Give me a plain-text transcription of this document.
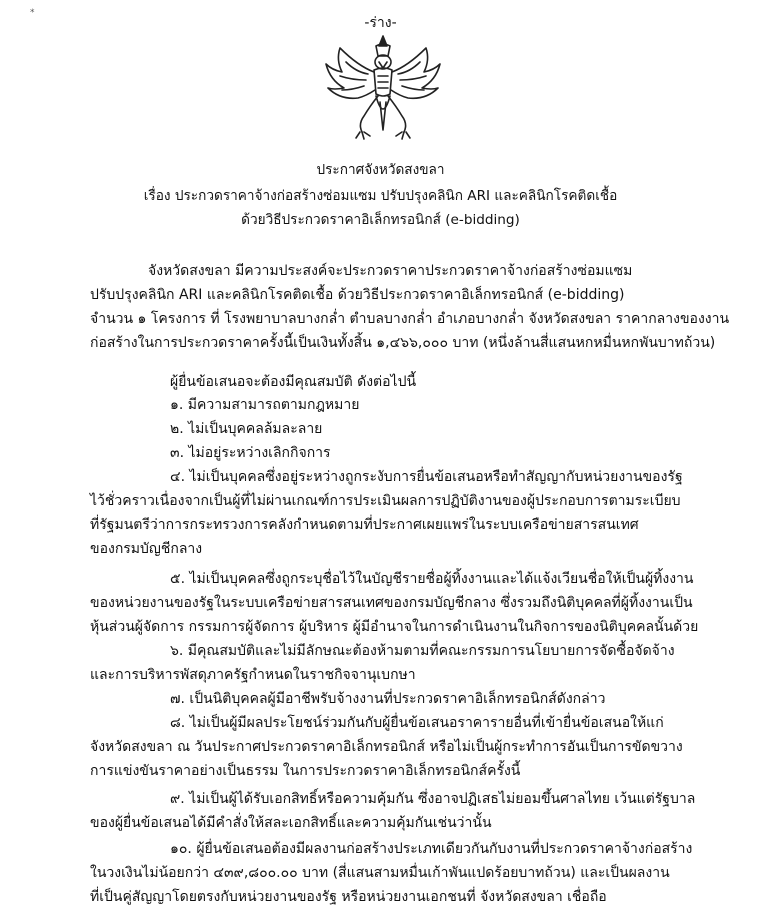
*
-ร่าง-
ประกาศจังหวัดสงขลา
เรื่อง ประกวดราคาจ้างก่อสร้างซ่อมแซม ปรับปรุงคลินิก ARI และคลินิกโรคติดเชื้อ
ด้วยวิธีประกวดราคาอิเล็กทรอนิกส์ (e-bidding)
จังหวัดสงขลา มีความประสงค์จะประกวดราคาประกวดราคาจ้างก่อสร้างซ่อมแซม
ปรับปรุงคลินิก ARI และคลินิกโรคติดเชื้อ ด้วยวิธีประกวดราคาอิเล็กทรอนิกส์ (e-bidding)
จำนวน ๑ โครงการ ที่ โรงพยาบาลบางกล่ำ ตำบลบางกล่ำ อำเภอบางกล่ำ จังหวัดสงขลา ราคากลางของงาน
ก่อสร้างในการประกวดราคาครั้งนี้เป็นเงินทั้งสิ้น ๑,๔๖๖,๐๐๐ บาท (หนึ่งล้านสี่แสนหกหมื่นหกพันบาทถ้วน)
ผู้ยื่นข้อเสนอจะต้องมีคุณสมบัติ ดังต่อไปนี้
๑. มีความสามารถตามกฎหมาย
๒. ไม่เป็นบุคคลล้มละลาย
๓. ไม่อยู่ระหว่างเลิกกิจการ
๔. ไม่เป็นบุคคลซึ่งอยู่ระหว่างถูกระงับการยื่นข้อเสนอหรือทำสัญญากับหน่วยงานของรัฐ
ไว้ชั่วคราวเนื่องจากเป็นผู้ที่ไม่ผ่านเกณฑ์การประเมินผลการปฏิบัติงานของผู้ประกอบการตามระเบียบ
ที่รัฐมนตรีว่าการกระทรวงการคลังกำหนดตามที่ประกาศเผยแพร่ในระบบเครือข่ายสารสนเทศ
ของกรมบัญชีกลาง
๕. ไม่เป็นบุคคลซึ่งถูกระบุชื่อไว้ในบัญชีรายชื่อผู้ทิ้งงานและได้แจ้งเวียนชื่อให้เป็นผู้ทิ้งงาน
ของหน่วยงานของรัฐในระบบเครือข่ายสารสนเทศของกรมบัญชีกลาง ซึ่งรวมถึงนิติบุคคลที่ผู้ทิ้งงานเป็น
หุ้นส่วนผู้จัดการ กรรมการผู้จัดการ ผู้บริหาร ผู้มีอำนาจในการดำเนินงานในกิจการของนิติบุคคลนั้นด้วย
๖. มีคุณสมบัติและไม่มีลักษณะต้องห้ามตามที่คณะกรรมการนโยบายการจัดซื้อจัดจ้าง
และการบริหารพัสดุภาครัฐกำหนดในราชกิจจานุเบกษา
๗. เป็นนิติบุคคลผู้มีอาชีพรับจ้างงานที่ประกวดราคาอิเล็กทรอนิกส์ดังกล่าว
๘. ไม่เป็นผู้มีผลประโยชน์ร่วมกันกับผู้ยื่นข้อเสนอราคารายอื่นที่เข้ายื่นข้อเสนอให้แก่
จังหวัดสงขลา ณ วันประกาศประกวดราคาอิเล็กทรอนิกส์ หรือไม่เป็นผู้กระทำการอันเป็นการขัดขวาง
การแข่งขันราคาอย่างเป็นธรรม ในการประกวดราคาอิเล็กทรอนิกส์ครั้งนี้
๙. ไม่เป็นผู้ได้รับเอกสิทธิ์หรือความคุ้มกัน ซึ่งอาจปฏิเสธไม่ยอมขึ้นศาลไทย เว้นแต่รัฐบาล
ของผู้ยื่นข้อเสนอได้มีคำสั่งให้สละเอกสิทธิ์และความคุ้มกันเช่นว่านั้น
๑๐. ผู้ยื่นข้อเสนอต้องมีผลงานก่อสร้างประเภทเดียวกันกับงานที่ประกวดราคาจ้างก่อสร้าง
ในวงเงินไม่น้อยกว่า ๔๓๙,๘๐๐.๐๐ บาท (สี่แสนสามหมื่นเก้าพันแปดร้อยบาทถ้วน) และเป็นผลงาน
ที่เป็นคู่สัญญาโดยตรงกับหน่วยงานของรัฐ หรือหน่วยงานเอกชนที่ จังหวัดสงขลา เชื่อถือ
